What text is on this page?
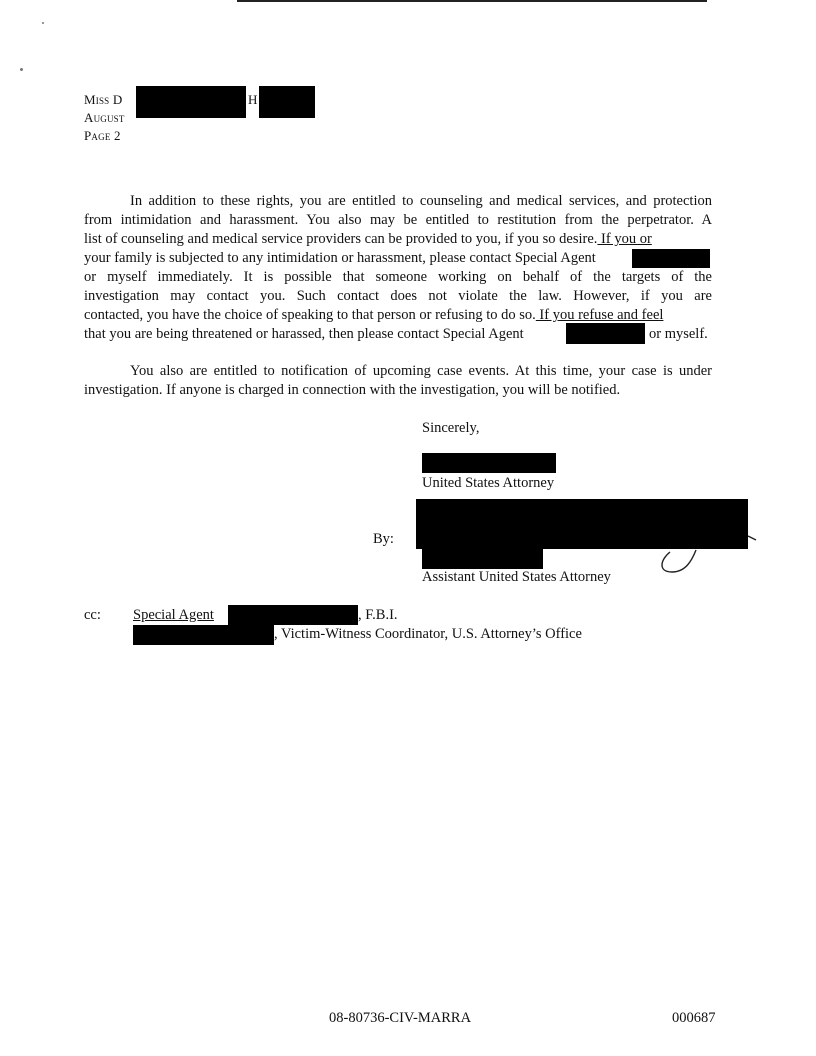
Miss D	H
August
Page 2
In addition to these rights, you are entitled to counseling and medical services, and protection
from intimidation and harassment. You also may be entitled to restitution from the perpetrator. A
list of counseling and medical service providers can be provided to you, if you so desire. If you or
your family is subjected to any intimidation or harassment, please contact Special Agent
or myself immediately. It is possible that someone working on behalf of the targets of the
investigation may contact you. Such contact does not violate the law. However, if you are
contacted, you have the choice of speaking to that person or refusing to do so. If you refuse and feel
that you are being threatened or harassed, then please contact Special Agent	or myself.
You also are entitled to notification of upcoming case events. At this time, your case is under
investigation. If anyone is charged in connection with the investigation, you will be notified.
Sincerely,
United States Attorney
By:
Assistant United States Attorney
cc: Special Agent	, F.B.I.
, Victim-Witness Coordinator, U.S. Attorney’s Office
08-80736-CIV-MARRA	000687
